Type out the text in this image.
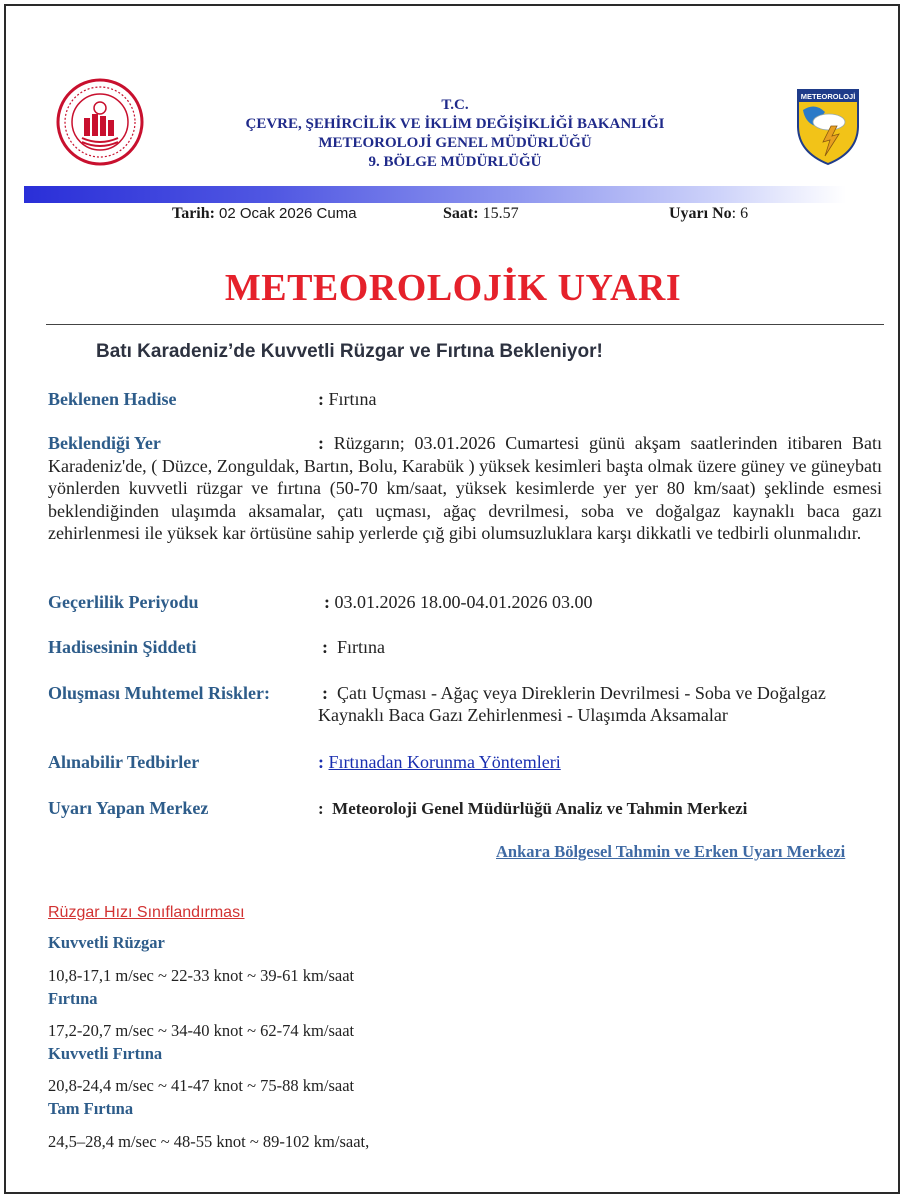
T.C.
ÇEVRE, ŞEHİRCİLİK VE İKLİM DEĞİŞİKLİĞİ BAKANLIĞI
METEOROLOJİ GENEL MÜDÜRLÜĞÜ
9. BÖLGE MÜDÜRLÜĞÜ
METEOROLOJİ
Tarih: 02 Ocak 2026 Cuma	Saat: 15.57	Uyarı No: 6
METEOROLOJİK UYARI
Batı Karadeniz’de Kuvvetli Rüzgar ve Fırtına Bekleniyor!
Beklenen Hadise	: Fırtına
Beklendiği Yer	: Rüzgarın; 03.01.2026 Cumartesi günü akşam saatlerinden itibaren Batı Karadeniz'de, ( Düzce, Zonguldak, Bartın, Bolu, Karabük ) yüksek kesimleri başta olmak üzere güney ve güneybatı yönlerden kuvvetli rüzgar ve fırtına (50-70 km/saat, yüksek kesimlerde yer yer 80 km/saat) şeklinde esmesi beklendiğinden ulaşımda aksamalar, çatı uçması, ağaç devrilmesi, soba ve doğalgaz kaynaklı baca gazı zehirlenmesi ile yüksek kar örtüsüne sahip yerlerde çığ gibi olumsuzluklara karşı dikkatli ve tedbirli olunmalıdır.
Geçerlilik Periyodu	: 03.01.2026 18.00-04.01.2026 03.00
Hadisesinin Şiddeti	: Fırtına
Oluşması Muhtemel Riskler:	: Çatı Uçması - Ağaç veya Direklerin Devrilmesi - Soba ve Doğalgaz
Kaynaklı Baca Gazı Zehirlenmesi - Ulaşımda Aksamalar
Alınabilir Tedbirler	: Fırtınadan Korunma Yöntemleri
Uyarı Yapan Merkez	: Meteoroloji Genel Müdürlüğü Analiz ve Tahmin Merkezi
Ankara Bölgesel Tahmin ve Erken Uyarı Merkezi
Rüzgar Hızı Sınıflandırması
Kuvvetli Rüzgar
10,8-17,1 m/sec ~ 22-33 knot ~ 39-61 km/saat
Fırtına
17,2-20,7 m/sec ~ 34-40 knot ~ 62-74 km/saat
Kuvvetli Fırtına
20,8-24,4 m/sec ~ 41-47 knot ~ 75-88 km/saat
Tam Fırtına
24,5–28,4 m/sec ~ 48-55 knot ~ 89-102 km/saat,
